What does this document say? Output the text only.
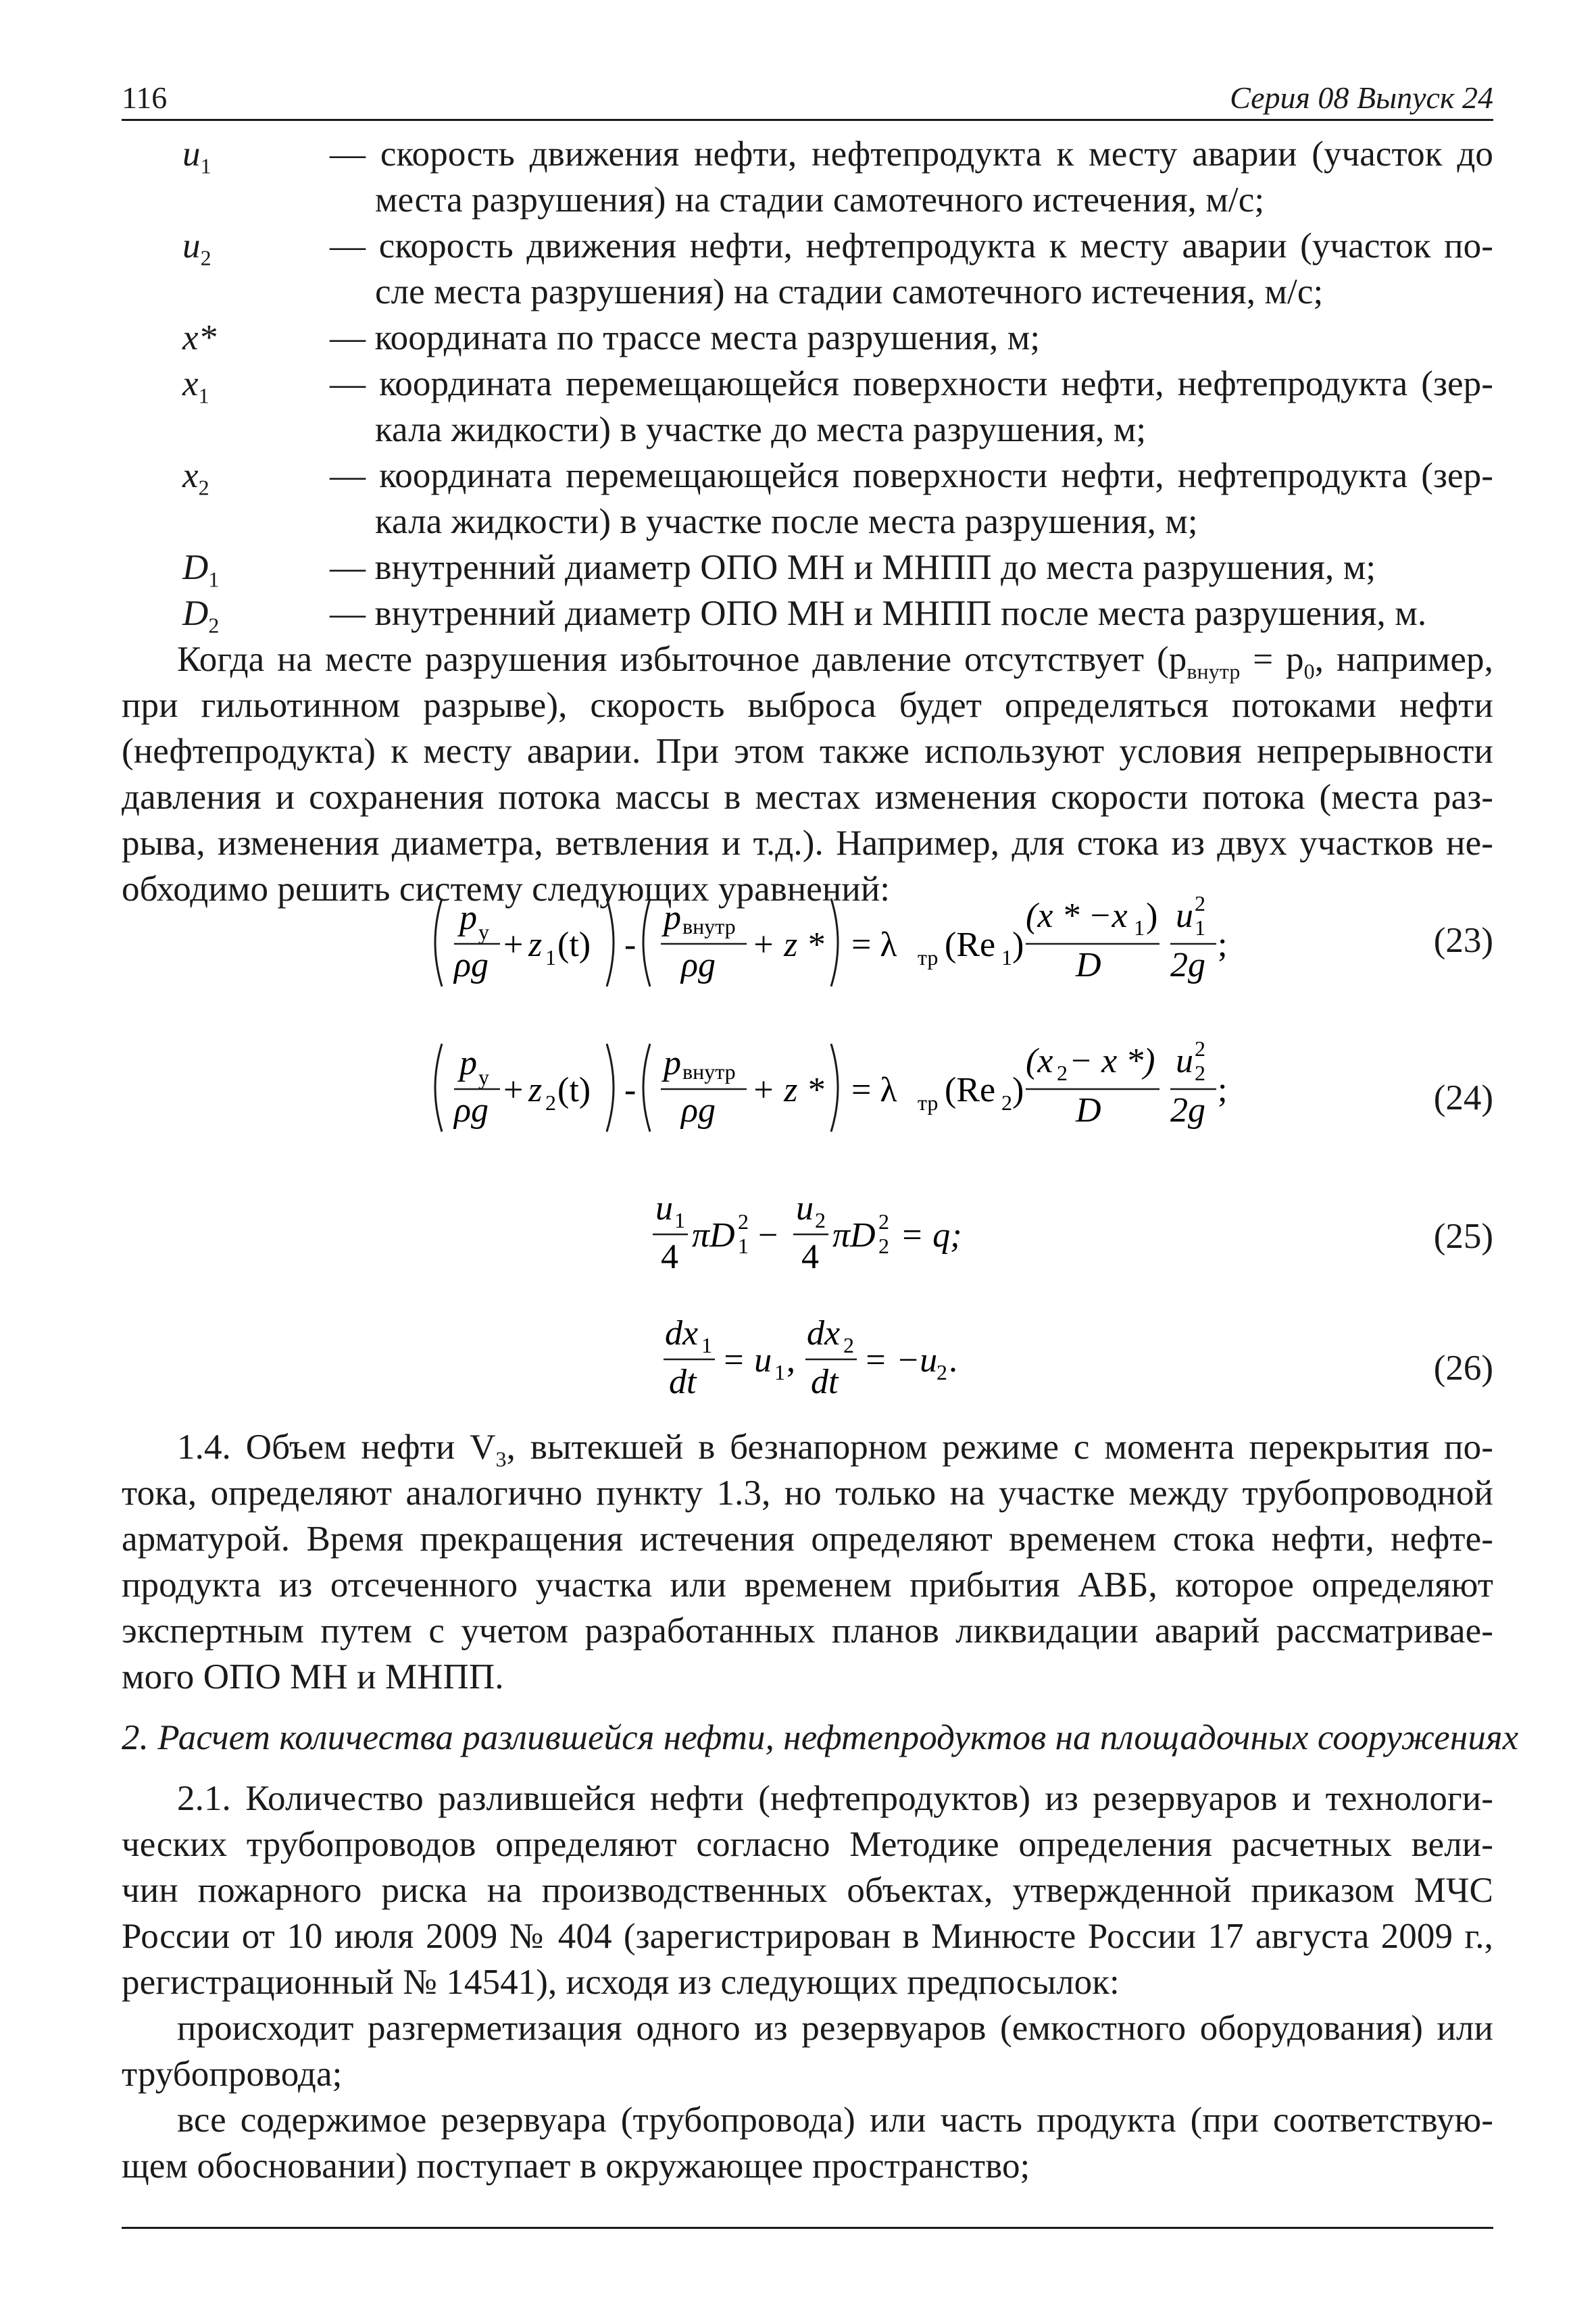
116	Серия 08 Выпуск 24
$u_1$	— скорость движения нефти, нефтепродукта к месту аварии (участок до
места разрушения) на стадии самотечного истечения, м/с;
$u_2$	— скорость движения нефти, нефтепродукта к месту аварии (участок по-
сле места разрушения) на стадии самотечного истечения, м/с;
x*	— координата по трассе места разрушения, м;
$x_1$	— координата перемещающейся поверхности нефти, нефтепродукта (зер-
кала жидкости) в участке до места разрушения, м;
$x_2$	— координата перемещающейся поверхности нефти, нефтепродукта (зер-
кала жидкости) в участке после места разрушения, м;
$D_1$	— внутренний диаметр ОПО МН и МНПП до места разрушения, м;
$D_2$	— внутренний диаметр ОПО МН и МНПП после места разрушения, м.
Когда на месте разрушения избыточное давление отсутствует ($p_{внутр} = p_0$, например,
при гильотинном разрыве), скорость выброса будет определяться потоками нефти
(нефтепродукта) к месту аварии. При этом также используют условия непрерывности
давления и сохранения потока массы в местах изменения скорости потока (места раз-
рыва, изменения диаметра, ветвления и т.д.). Например, для стока из двух участков не-
обходимо решить систему следующих уравнений:
p у
ρg
+ z 1 (t) -
p внутр
ρg
+ z * = λ тр (Re 1 )
(x * −x 1 )
D
u 1
2
2g
;	(23)
p у
ρg
+ z 2 (t) -
p внутр
ρg
+ z * = λ тр (Re 2 )
(x 2 − x *)
D
u 2
2
2g
;	(24)
u 1
4
πD 1
2 −
u 2
4
πD 2
2 = q;	(25)
dx 1
dt
= u 1 ,
dx 2
dt
= −u
2 .	(26)
1.4. Объем нефти $V_3$, вытекшей в безнапорном режиме с момента перекрытия по-
тока, определяют аналогично пункту 1.3, но только на участке между трубопроводной
арматурой. Время прекращения истечения определяют временем стока нефти, нефте-
продукта из отсеченного участка или временем прибытия АВБ, которое определяют
экспертным путем с учетом разработанных планов ликвидации аварий рассматривае-
мого ОПО МН и МНПП.
2. Расчет количества разлившейся нефти, нефтепродуктов на площадочных сооружениях
2.1. Количество разлившейся нефти (нефтепродуктов) из резервуаров и технологи-
ческих трубопроводов определяют согласно Методике определения расчетных вели-
чин пожарного риска на производственных объектах, утвержденной приказом МЧС
России от 10 июля 2009 № 404 (зарегистрирован в Минюсте России 17 августа 2009 г.,
регистрационный № 14541), исходя из следующих предпосылок:
происходит разгерметизация одного из резервуаров (емкостного оборудования) или
трубопровода;
все содержимое резервуара (трубопровода) или часть продукта (при соответствую-
щем обосновании) поступает в окружающее пространство;
